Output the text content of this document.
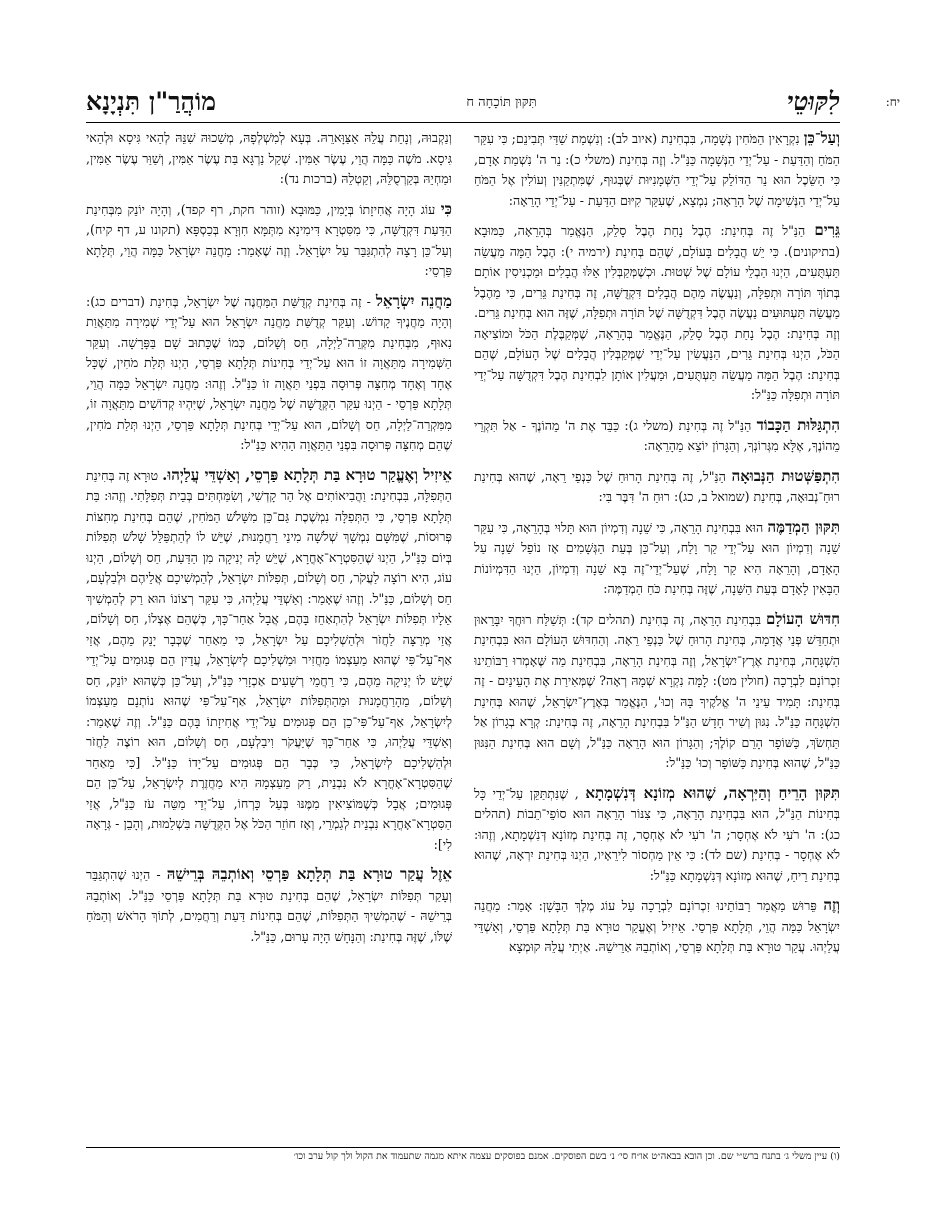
יח:
לִקּוּטֵי
תִּקּוּן תּוֹכָחָה ח
מוֹהֲרַ"ן תִּנְיָנָא

וְעַל־כֵּן נִקְרָאִין הַמֹּחִין נְשָׁמָה, בִּבְחִינַת (איוב לב): וְנִשְׁמַת שַׁדַּי תְּבִינֵם; כִּי עִקַּר הַמֹּחַ וְהַדַּעַת - עַל־יְדֵי הַנְּשָׁמָה כַּנַּ"ל. וְזֶה בְּחִינַת (משלי כ): נֵר ה' נִשְׁמַת אָדָם, כִּי הַשֵּׂכֶל הוּא נֵר הַדּוֹלֵק עַל־יְדֵי הַשְּׁמָנִיּוּת שֶׁבְּגוּף, שֶׁמִּתְקַנִּין וְעוֹלִין אֶל הַמֹּחַ עַל־יְדֵי הַנְּשִׁימָה שֶׁל הָרֵאָה; נִמְצָא, שֶׁעִקַּר קִיּוּם הַדַּעַת - עַל־יְדֵי הָרֵאָה:

גֵּרִים הַנַּ"ל זֶה בְּחִינַת: הֶבֶל נָחַת הֶבֶל סָלֵק, הַנֶּאֱמַר בְּהָרֵאָה, כַּמּוּבָא (בתיקונים). כִּי יֵשׁ הֲבָלִים בָּעוֹלָם, שֶׁהֵם בְּחִינַת (ירמיה י): הֶבֶל הֵמָּה מַעֲשֵׂה תַּעְתֻּעִים, הַיְנוּ הַבְלֵי עוֹלָם שֶׁל שְׁטוּת. וּכְשֶׁמְּקַבְּלִין אֵלּוּ הֲבָלִים וּמַכְנִיסִין אוֹתָם בְּתוֹךְ תּוֹרָה וּתְפִלָּה, וְנַעֲשֶׂה מֵהֶם הֲבָלִים דִּקְדֻשָּׁה, זֶה בְּחִינַת גֵּרִים, כִּי מֵהֶבֶל מַעֲשֵׂה תַּעְתּוּעִים נַעֲשֶׂה הֶבֶל דִּקְדֻשָּׁה שֶׁל תּוֹרָה וּתְפִלָּה, שֶׁזֶּה הוּא בְּחִינַת גֵּרִים. וְזֶה בְּחִינַת: הֶבֶל נָחַת הֶבֶל סָלֵק, הַנֶּאֱמַר בְּהָרֵאָה, שֶׁמְּקַבֶּלֶת הַכֹּל וּמוֹצִיאָה הַכֹּל, הַיְנוּ בְּחִינַת גֵּרִים, הַנַּעֲשִׂין עַל־יְדֵי שֶׁמְּקַבְּלִין הֲבָלִים שֶׁל הָעוֹלָם, שֶׁהֵם בְּחִינַת: הֶבֶל הֵמָּה מַעֲשֵׂה תַּעְתֻּעִים, וּמַעֲלִין אוֹתָן לִבְחִינַת הֶבֶל דִּקְדֻשָּׁה עַל־יְדֵי תּוֹרָה וּתְפִלָּה כַּנַּ"ל:

הִתְגַּלּוּת הַכָּבוֹד הַנַּ"ל זֶה בְּחִינַת (משלי ג): כַּבֵּד אֶת ה' מֵהוֹנֶךָ - אַל תִּקְרֵי מֵהוֹנֶךָ, אֶלָּא מִגְּרוֹנְךָ, וְהַגָּרוֹן יוֹצֵא מֵהָרֵאָה:

הִתְפַּשְּׁטוּת הַנְּבוּאָה הַנַּ"ל, זֶה בְּחִינַת הָרוּחַ שֶׁל כַּנְפֵי רֵאָה, שֶׁהוּא בְּחִינַת רוּחַ־נְבוּאָה, בְּחִינַת (שמואל ב, כג): רוּחַ ה' דִּבֶּר בִּי:

תִּקּוּן הַמְדַמֶּה הוּא בִּבְחִינַת הָרֵאָה, כִּי שֵׁנָה וְדִמְיוֹן הוּא תָּלוּי בְּהָרֵאָה, כִּי עִקַּר שֵׁנָה וְדִמְיוֹן הוּא עַל־יְדֵי קַר וָלַח, וְעַל־כֵּן בְּעֵת הַגְּשָׁמִים אָז נוֹפֵל שֵׁנָה עַל הָאָדָם, וְהָרֵאָה הִיא קַר וָלַח, שֶׁעַל־יְדֵי־זֶה בָּא שֵׁנָה וְדִמְיוֹן, הַיְנוּ הַדִּמְיוֹנוֹת הַבָּאִין לָאָדָם בְּעֵת הַשֵּׁנָה, שֶׁזֶּה בְּחִינַת כֹּחַ הַמְדַמֶּה:

חִדּוּשׁ הָעוֹלָם בִּבְחִינַת הָרֵאָה, זֶה בְּחִינַת (תהלים קד): תְּשַׁלַּח רוּחֲךָ יִבָּרֵאוּן וּתְחַדֵּשׁ פְּנֵי אֲדָמָה, בְּחִינַת הָרוּחַ שֶׁל כַּנְפֵי רֵאָה. וְהַחִדּוּשׁ הָעוֹלָם הוּא בִּבְחִינַת הַשְׁגָּחָה, בְּחִינַת אֶרֶץ־יִשְׂרָאֵל, וְזֶה בְּחִינַת הָרֵאָה, בִּבְחִינַת מַה שֶּׁאָמְרוּ רַבּוֹתֵינוּ זִכְרוֹנָם לִבְרָכָה (חולין מט): לָמָּה נִקְרָא שְׁמָהּ רְאָה? שֶׁמְּאִירַת אֶת הָעֵינַיִם - זֶה בְּחִינַת: תָּמִיד עֵינֵי ה' אֱלֹקֶיךָ בָּהּ וְכוּ', הַנֶּאֱמַר בְּאֶרֶץ־יִשְׂרָאֵל, שֶׁהוּא בְּחִינַת הַשְׁגָּחָה כַּנַּ"ל. נִגּוּן וְשִׁיר חָדָשׁ הַנַּ"ל בִּבְחִינַת הָרֵאָה, זֶה בְּחִינַת: קְרָא בְגָרוֹן אַל תַּחְשֹׂךְ, כַּשּׁוֹפָר הָרֵם קוֹלֶךָ; וְהַגָּרוֹן הוּא הָרֵאָה כַּנַּ"ל, וְשָׁם הוּא בְּחִינַת הַנִּגּוּן כַּנַּ"ל, שֶׁהוּא בְּחִינַת כַּשּׁוֹפָר וְכוּ' כַּנַּ"ל:

תִּקּוּן הָרֵיחַ וְהַיִּרְאָה, שֶׁהוּא מְזוֹנָא דְּנִשְׁמָתָא , שֶׁנִּתְתַּקֵּן עַל־יְדֵי כָּל בְּחִינוֹת הַנַּ"ל, הוּא בִּבְחִינַת הָרֵאָה, כִּי צִנּוֹר הָרֵאָה הוּא סוֹפֵי־תֵבוֹת (תהלים כג): ה' רֹעִי לֹא אֶחְסָר; ה' רֹעִי לֹא אֶחְסָר, זֶה בְּחִינַת מְזוֹנָא דְּנִשְׁמָתָא, וְזֶהוּ: לֹא אֶחְסָר - בְּחִינַת (שם לד): כִּי אֵין מַחְסוֹר לִירֵאָיו, הַיְנוּ בְּחִינַת יִרְאָה, שֶׁהוּא בְּחִינַת רֵיחַ, שֶׁהוּא מְזוֹנָא דְּנִשְׁמָתָא כַּנַּ"ל:

וְזֶה פֵּרוּשׁ מַאֲמַר רַבּוֹתֵינוּ זִכְרוֹנָם לִבְרָכָה עַל עוֹג מֶלֶךְ הַבָּשָׁן: אָמַר: מַחֲנֵה יִשְׂרָאֵל כַּמָּה הֲוֵי, תְּלָתָא פַּרְסֵי. אֵיזִיל וְאֶעֱקַר טוּרָא בַּת תְּלָתָא פַּרְסֵי, וְאַשְׁדֵּי עֲלַיְהוּ. עֲקַר טוּרָא בַּת תְּלָתָא פַּרְסֵי, וְאוֹתְבֵהּ אַרֵישֵׁהּ. אַיְתִי עֲלֵהּ קוּמְצָא

וְנַקְבוּהּ, וְנָחֵת עֲלֵהּ אַצַּוָּארֵהּ. בְּעָא לְמִשְׁלְפָהּ, מְשַׁכוּהּ שִׁנֵּהּ לְהַאי גִּיסָא וּלְהַאי גִּיסָא. מֹשֶׁה כַּמָּה הֲוֵי, עֶשֶׂר אַמִּין. שְׁקַל נַרְגָּא בַּת עֶשֶׂר אַמִּין, וְשַׁוַּר עֶשֶׂר אַמִּין, וּמַחְיֵהּ בְּקַרְסֻלֵּהּ, וְקַטְלֵהּ (ברכות נד):

כִּי עוֹג הָיָה אֲחִיזָתוֹ בְּיָמִין, כַּמּוּבָא (זוהר חקת, רף קפד), וְהָיָה יוֹנֵק מִבְּחִינַת הַדַּעַת דִּקְדֻשָּׁה, כִּי מִסִּטְרָא דִּימִינָא מִתְּמָּא חִוְּרָא בְּכַסְפָּא (תקונו ע, דף קיח), וְעַל־כֵּן רָצָה לְהִתְגַּבֵּר עַל יִשְׂרָאֵל. וְזֶה שֶׁאָמַר: מַחֲנֵה יִשְׂרָאֵל כַּמָּה הֲוֵי, תְּלָתָא פַּרְסֵי:

מַחֲנֵה יִשְׂרָאֵל - זֶה בְּחִינַת קְדֻשַּׁת הַמַּחֲנֶה שֶׁל יִשְׂרָאֵל, בְּחִינַת (דברים כג): וְהָיָה מַחֲנֶיךָ קָדוֹשׁ. וְעִקַּר קְדֻשַּׁת מַחֲנֵה יִשְׂרָאֵל הוּא עַל־יְדֵי שְׁמִירָה מִתַּאֲוַת נִאוּף, מִבְּחִינַת מִקְּרֵה־לַיְלָה, חַס וְשָׁלוֹם, כְּמוֹ שֶׁכָּתוּב שָׁם בַּפָּרָשָׁה. וְעִקַּר הַשְּׁמִירָה מִתַּאֲוָה זוֹ הוּא עַל־יְדֵי בְּחִינוֹת תְּלָתָא פַּרְסֵי, הַיְנוּ תְּלַת מֹחִין, שֶׁכָּל אֶחָד וְאֶחָד מְחִצָּה פְּרוּסָה בִּפְנֵי תַּאֲוָה זוֹ כַּנַּ"ל. וְזֶהוּ: מַחֲנֵה יִשְׂרָאֵל כַּמָּה הֲוֵי, תְּלָתָא פַּרְסֵי - הַיְנוּ עִקַּר הַקְּדֻשָּׁה שֶׁל מַחֲנֵה יִשְׂרָאֵל, שֶׁיִּהְיוּ קְדוֹשִׁים מִתַּאֲוָה זוֹ, מִמִּקְרֵה־לַיְלָה, חַס וְשָׁלוֹם, הוּא עַל־יְדֵי בְּחִינַת תְּלָתָא פַּרְסֵי, הַיְנוּ תְּלַת מֹחִין, שֶׁהֵם מְחִצָּה פְּרוּסָה בִּפְנֵי הַתַּאֲוָה הַהִיא כַּנַּ"ל:

אֵיזִיל וְאֶעֱקַר טוּרָא בַּת תְּלָתָא פַּרְסֵי, וְאַשְׁדֵּי עֲלַיְהוּ. טוּרָא זֶה בְּחִינַת הַתְּפִלָּה, בִּבְחִינַת: וַהֲבִיאוֹתִים אֶל הַר קָדְשִׁי, וְשִׂמַּחְתִּים בְּבֵית תְּפִלָּתִי. וְזֶהוּ: בַּת תְּלָתָא פַּרְסֵי, כִּי הַתְּפִלָּה נִמְשֶׁכֶת גַּם־כֵּן מִשָּׁלֹשׁ הַמֹּחִין, שֶׁהֵם בְּחִינַת מְחִצּוֹת פְּרוּסוֹת, שֶׁמִּשָּׁם נִמְשָׁךְ שְׁלֹשָׁה מִינֵי רַחֲמָנוּת, שֶׁיֵּשׁ לוֹ לְהַתְפַּלֵּל שָׁלֹשׁ תְּפִלּוֹת בְּיוֹם כַּנַּ"ל, הַיְנוּ שֶׁהַסִּטְרָא־אָחֳרָא, שֶׁיֵּשׁ לָהּ יְנִיקָה מִן הַדַּעַת, חַס וְשָׁלוֹם, הַיְנוּ עוֹג, הִיא רוֹצָה לַעֲקֹר, חַס וְשָׁלוֹם, תְּפִלּוֹת יִשְׂרָאֵל, לְהַמְשִׁיכָם אֲלֵיהֶם וּלְבַלְעָם, חַס וְשָׁלוֹם, כַּנַּ"ל. וְזֶהוּ שֶׁאָמַר: וְאַשְׁדֵּי עֲלַיְהוּ, כִּי עִקַּר רְצוֹנוֹ הוּא רַק לְהַמְשִׁיךְ אֵלָיו תְּפִלּוֹת יִשְׂרָאֵל לְהִתְאַחֵז בָּהֶם, אֲבָל אַחַר־כָּךְ, כְּשֶׁהֵם אֶצְלוֹ, חַס וְשָׁלוֹם, אֲזַי מְרַצָּה לַחֲזֹר וּלְהַשְׁלִיכָם עַל יִשְׂרָאֵל, כִּי מֵאַחַר שֶׁכְּבָר יָנַק מֵהֶם, אֲזַי אַף־עַל־פִּי שֶׁהוּא מַעַצְמוֹ מַחֲזִיר וּמַשְׁלִיכָם לְיִשְׂרָאֵל, עֲדַיִן הֵם פְּגוּמִים עַל־יְדֵי שֶׁיֵּשׁ לוֹ יְנִיקָה מֵהֶם, כִּי רַחֲמֵי רְשָׁעִים אַכְזָרִי כַּנַּ"ל, וְעַל־כֵּן כְּשֶׁהוּא יוֹנֵק, חַס וְשָׁלוֹם, מֵהָרַחֲמָנוּת וּמֵהַתְּפִלּוֹת יִשְׂרָאֵל, אַף־עַל־פִּי שֶׁהוּא נוֹתְנָם מַעַצְמוֹ לְיִשְׂרָאֵל, אַף־עַל־פִּי־כֵן הֵם פְּגוּמִים עַל־יְדֵי אֲחִיזָתוֹ בָּהֶם כַּנַּ"ל. וְזֶה שֶׁאָמַר: וְאַשְׁדֵּי עֲלַיְהוּ, כִּי אַחַר־כָּךְ שֶׁיַּעֲקֹר וִיבַלְעָם, חַס וְשָׁלוֹם, הוּא רוֹצֶה לַחֲזֹר וּלְהַשְׁלִיכָם לְיִשְׂרָאֵל, כִּי כְּבָר הֵם פְּגוּמִים עַל־יָדוֹ כַּנַּ"ל. [כִּי מֵאַחַר שֶׁהַסִּטְרָא־אָחֳרָא לֹא נִבְנֵית, רַק מֵעַצְמָהּ הִיא מַחֲזֶרֶת לְיִשְׂרָאֵל, עַל־כֵּן הֵם פְּגוּמִים; אֲבָל כְּשֶׁמּוֹצִיאִין מִמֶּנּוּ בְּעַל כָּרְחוֹ, עַל־יְדֵי מַטֵּה עֹז כַּנַּ"ל, אֲזַי הַסִּטְרָא־אָחֳרָא נִבְנֵית לְגַמְרֵי, וְאָז חוֹזֵר הַכֹּל אֶל הַקְּדֻשָּׁה בִּשְׁלֵמוּת, וְהָבֵן - גְּרָאָה לִי]:

אֵזֶל עֲקַר טוּרָא בַּת תְּלָתָא פַּרְסֵי וְאוֹתְבֵהּ בְּרֵישֵׁהּ - הַיְנוּ שֶׁהִתְגַּבֵּר וְעָקַר תְּפִלּוֹת יִשְׂרָאֵל, שֶׁהֵם בְּחִינַת טוּרָא בַּת תְּלָתָא פַּרְסֵי כַּנַּ"ל. וְאוֹתְבֵהּ בְּרֵישֵׁהּ - שֶׁהִמְשִׁיךְ הַתְּפִלּוֹת, שֶׁהֵם בְּחִינוֹת דַּעַת וְרַחֲמִים, לְתוֹךְ הָרֹאשׁ וְהַמֹּחַ שֶׁלּוֹ, שֶׁזֶּה בְּחִינַת: וְהַנָּחָשׁ הָיָה עָרוּם, כַּנַּ"ל.

(ו) עיין משלי ג׳ בתנח ברש״י שם. וכן הובא בבאה״ט או״ח סי׳ נ׳ בשם הפוסקים. אמנם בפוסקים עצמה איתא מגמה שתעמוד את הקול ולך קול ערב וכו׳
